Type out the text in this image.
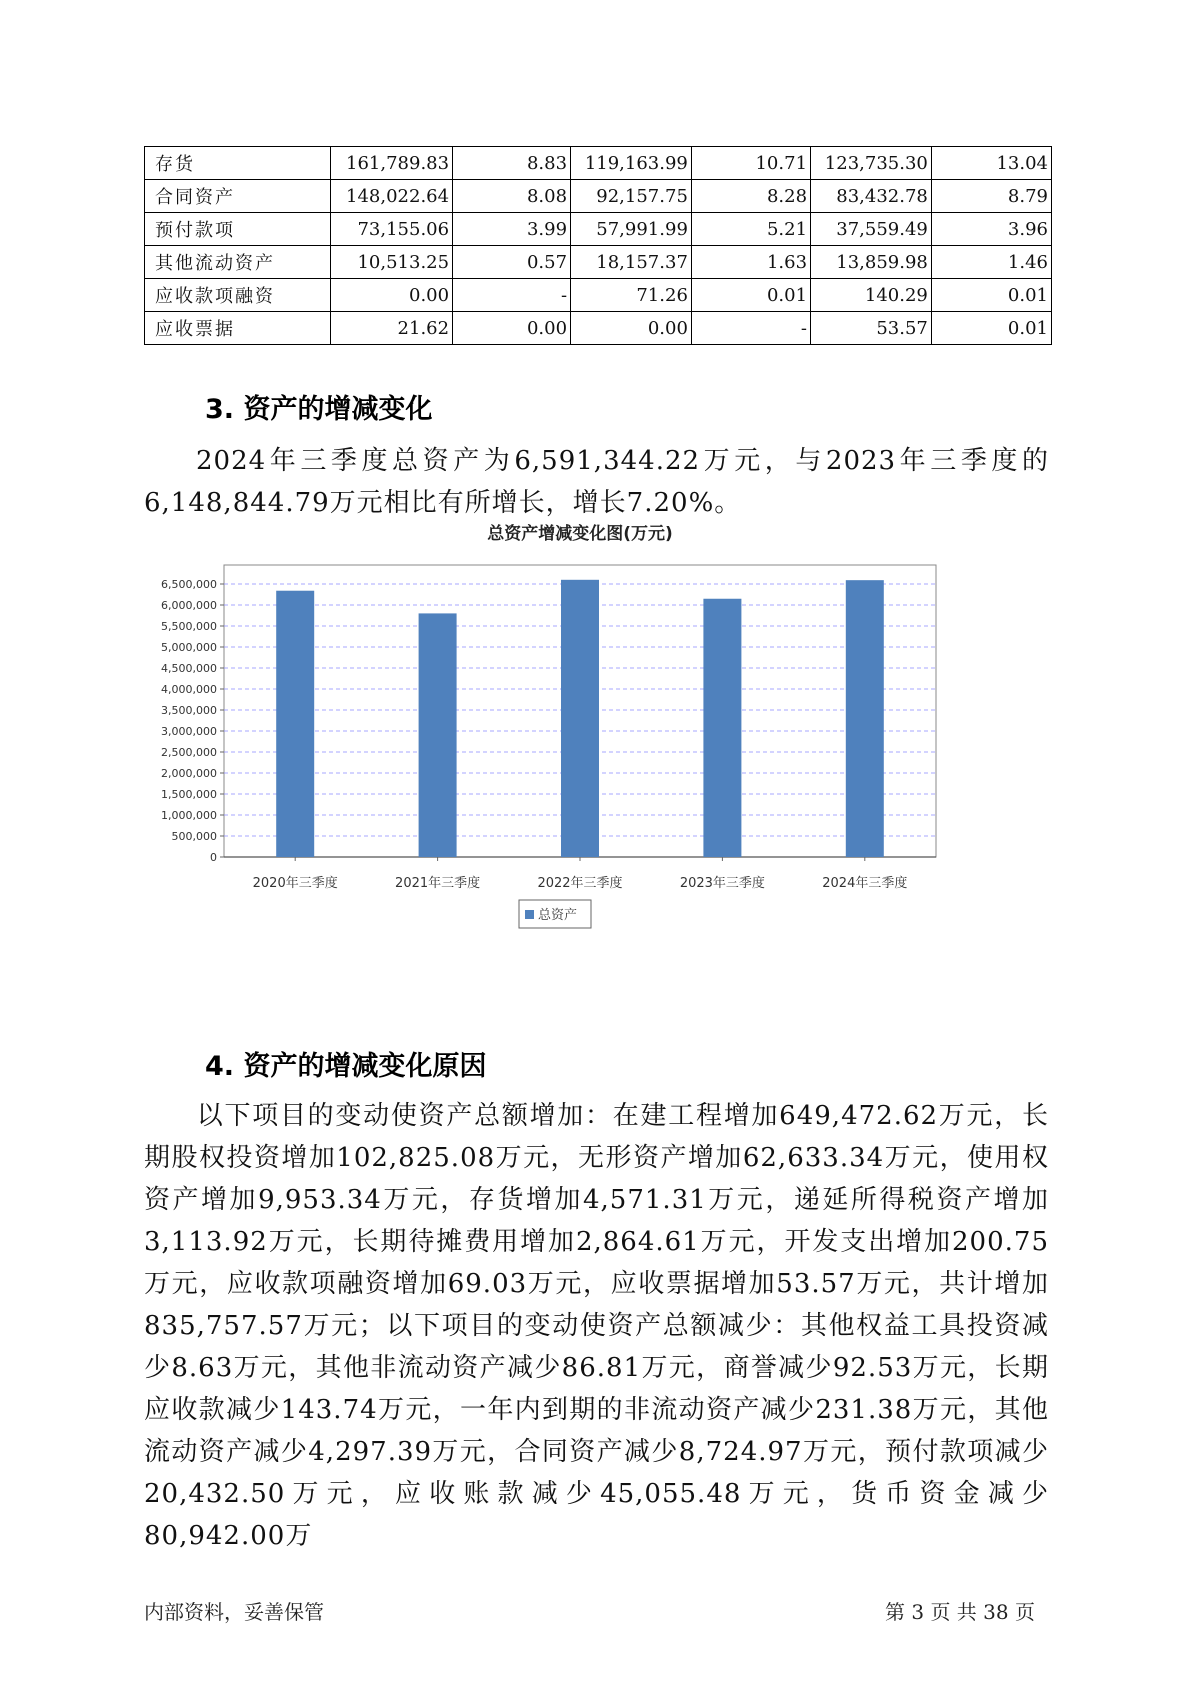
存货	161,789.83	8.83	119,163.99	10.71	123,735.30	13.04
合同资产	148,022.64	8.08	92,157.75	8.28	83,432.78	8.79
预付款项	73,155.06	3.99	57,991.99	5.21	37,559.49	3.96
其他流动资产	10,513.25	0.57	18,157.37	1.63	13,859.98	1.46
应收款项融资	0.00	-	71.26	0.01	140.29	0.01
应收票据	21.62	0.00	0.00	-	53.57	0.01
3. 资产的增减变化

2024年三季度总资产为6,591,344.22万元，与2023年三季度的6,148,844.79万元相比有所增长，增长7.20%。

总资产增减变化图(万元)
0
500,000
1,000,000
1,500,000
2,000,000
2,500,000
3,000,000
3,500,000
4,000,000
4,500,000
5,000,000
5,500,000
6,000,000
6,500,000
2020年三季度	2021年三季度	2022年三季度	2023年三季度	2024年三季度
总资产
4. 资产的增减变化原因

以下项目的变动使资产总额增加：在建工程增加649,472.62万元，长期股权投资增加102,825.08万元，无形资产增加62,633.34万元，使用权资产增加9,953.34万元，存货增加4,571.31万元，递延所得税资产增加3,113.92万元，长期待摊费用增加2,864.61万元，开发支出增加200.75万元，应收款项融资增加69.03万元，应收票据增加53.57万元，共计增加835,757.57万元；以下项目的变动使资产总额减少：其他权益工具投资减少8.63万元，其他非流动资产减少86.81万元，商誉减少92.53万元，长期应收款减少143.74万元，一年内到期的非流动资产减少231.38万元，其他流动资产减少4,297.39万元，合同资产减少8,724.97万元，预付款项减少20,432.50万元，应收账款减少45,055.48万元，货币资金减少80,942.00万

内部资料，妥善保管	第 3 页 共 38 页
